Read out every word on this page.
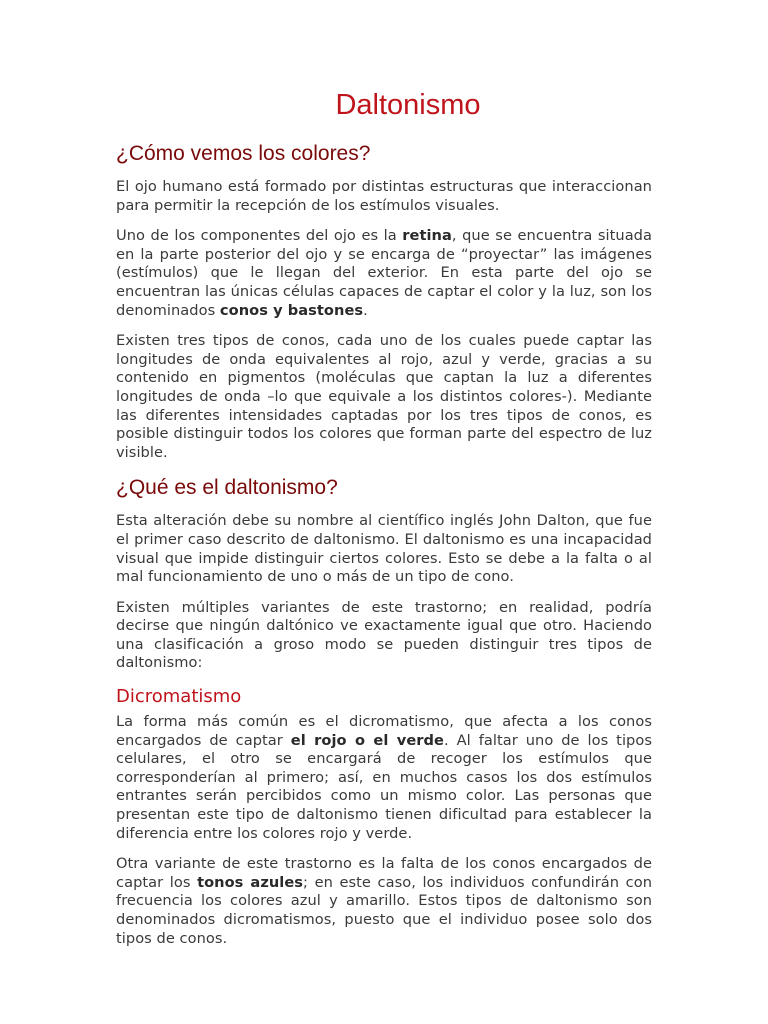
Daltonismo
¿Cómo vemos los colores?

El ojo humano está formado por distintas estructuras que interaccionan para permitir la recepción de los estímulos visuales.

Uno de los componentes del ojo es la retina, que se encuentra situada en la parte posterior del ojo y se encarga de “proyectar” las imágenes (estímulos) que le llegan del exterior. En esta parte del ojo se encuentran las únicas células capaces de captar el color y la luz, son los denominados conos y bastones.

Existen tres tipos de conos, cada uno de los cuales puede captar las longitudes de onda equivalentes al rojo, azul y verde, gracias a su contenido en pigmentos (moléculas que captan la luz a diferentes longitudes de onda –lo que equivale a los distintos colores-). Mediante las diferentes intensidades captadas por los tres tipos de conos, es posible distinguir todos los colores que forman parte del espectro de luz visible.

¿Qué es el daltonismo?

Esta alteración debe su nombre al científico inglés John Dalton, que fue el primer caso descrito de daltonismo. El daltonismo es una incapacidad visual que impide distinguir ciertos colores. Esto se debe a la falta o al mal funcionamiento de uno o más de un tipo de cono.

Existen múltiples variantes de este trastorno; en realidad, podría decirse que ningún daltónico ve exactamente igual que otro. Haciendo una clasificación a groso modo se pueden distinguir tres tipos de daltonismo:

Dicromatismo

La forma más común es el dicromatismo, que afecta a los conos encargados de captar el rojo o el verde. Al faltar uno de los tipos celulares, el otro se encargará de recoger los estímulos que corresponderían al primero; así, en muchos casos los dos estímulos entrantes serán percibidos como un mismo color. Las personas que presentan este tipo de daltonismo tienen dificultad para establecer la diferencia entre los colores rojo y verde.

Otra variante de este trastorno es la falta de los conos encargados de captar los tonos azules; en este caso, los individuos confundirán con frecuencia los colores azul y amarillo. Estos tipos de daltonismo son denominados dicromatismos, puesto que el individuo posee solo dos tipos de conos.
